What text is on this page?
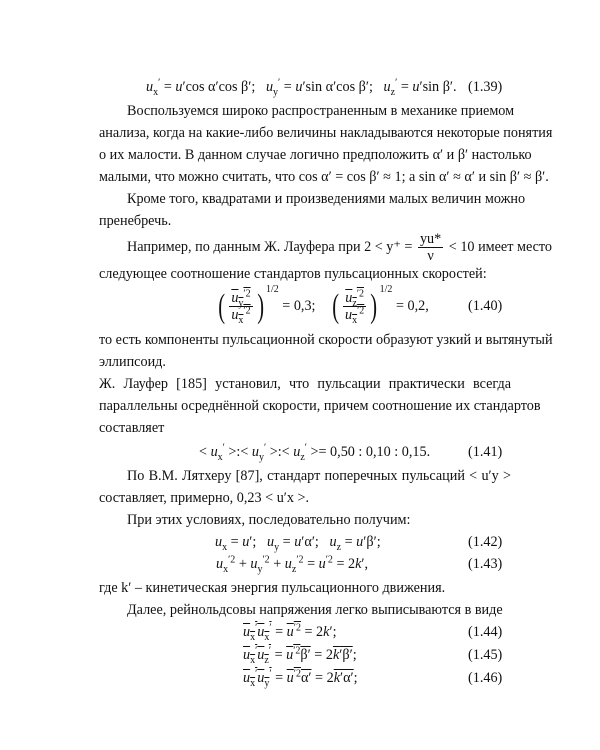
$u_x' = u'\cos$ α′cos β′;   $u_y' = u'\sin$ α′cos β′;   $u_z' = u'\sin$ β′. (1.39)
Воспользуемся широко распространенным в механике приемом
анализа, когда на какие-либо величины накладываются некоторые понятия
о их малости. В данном случае логично предположить α′ и β′ настолько
малыми, что можно считать, что cos α′ = cos β′ ≈ 1; а sin α′ ≈ α′ и sin β′ ≈ β′.
Кроме того, квадратами и произведениями малых величин можно
пренебречь.
Например, по данным Ж. Лауфера при $2 < y^+ = \frac{yu*}{\nu} < 10$ имеет место
следующее соотношение стандартов пульсационных скоростей:
( $\frac{u_y^{'2}}{u_x^{'2}}$ ) $^{1/2}$ = 0,3; ( $\frac{u_z^{'2}}{u_x^{'2}}$ ) $^{1/2}$ = 0,2,	(1.40)
то есть компоненты пульсационной скорости образуют узкий и вытянутый
эллипсоид.
Ж. Лауфер [185] установил, что пульсации практически всегда
параллельны осреднённой скорости, причем соотношение их стандартов
составляет
< $u_x'$ >:< $u_y'$ >:< $u_z' >= 0,50$ : 0,10 : 0,15.	(1.41)
По В.М. Лятхеру [87], стандарт поперечных пульсаций < u′y >
составляет, примерно, 0,23 < u′x >.
При этих условиях, последовательно получим:
$u_x = u'$;   $u_y = u'\alpha'$;   $u_z = u'\beta'$;	(1.42)
$u_x^{'2} + u_y^{'2} + u_z^{'2} = u^{'2} = 2k'$,	(1.43)
где k′ – кинетическая энергия пульсационного движения.
Далее, рейнольдсовы напряжения легко выписываются в виде
$u_x'u_x' = u^{'2} = 2k'$;	(1.44)
$u_x'u_z' = u^{'2}\beta' = 2k'\beta'$;	(1.45)
$u_x'u_y' = u^{'2}\alpha' = 2k'\alpha'$;	(1.46)
